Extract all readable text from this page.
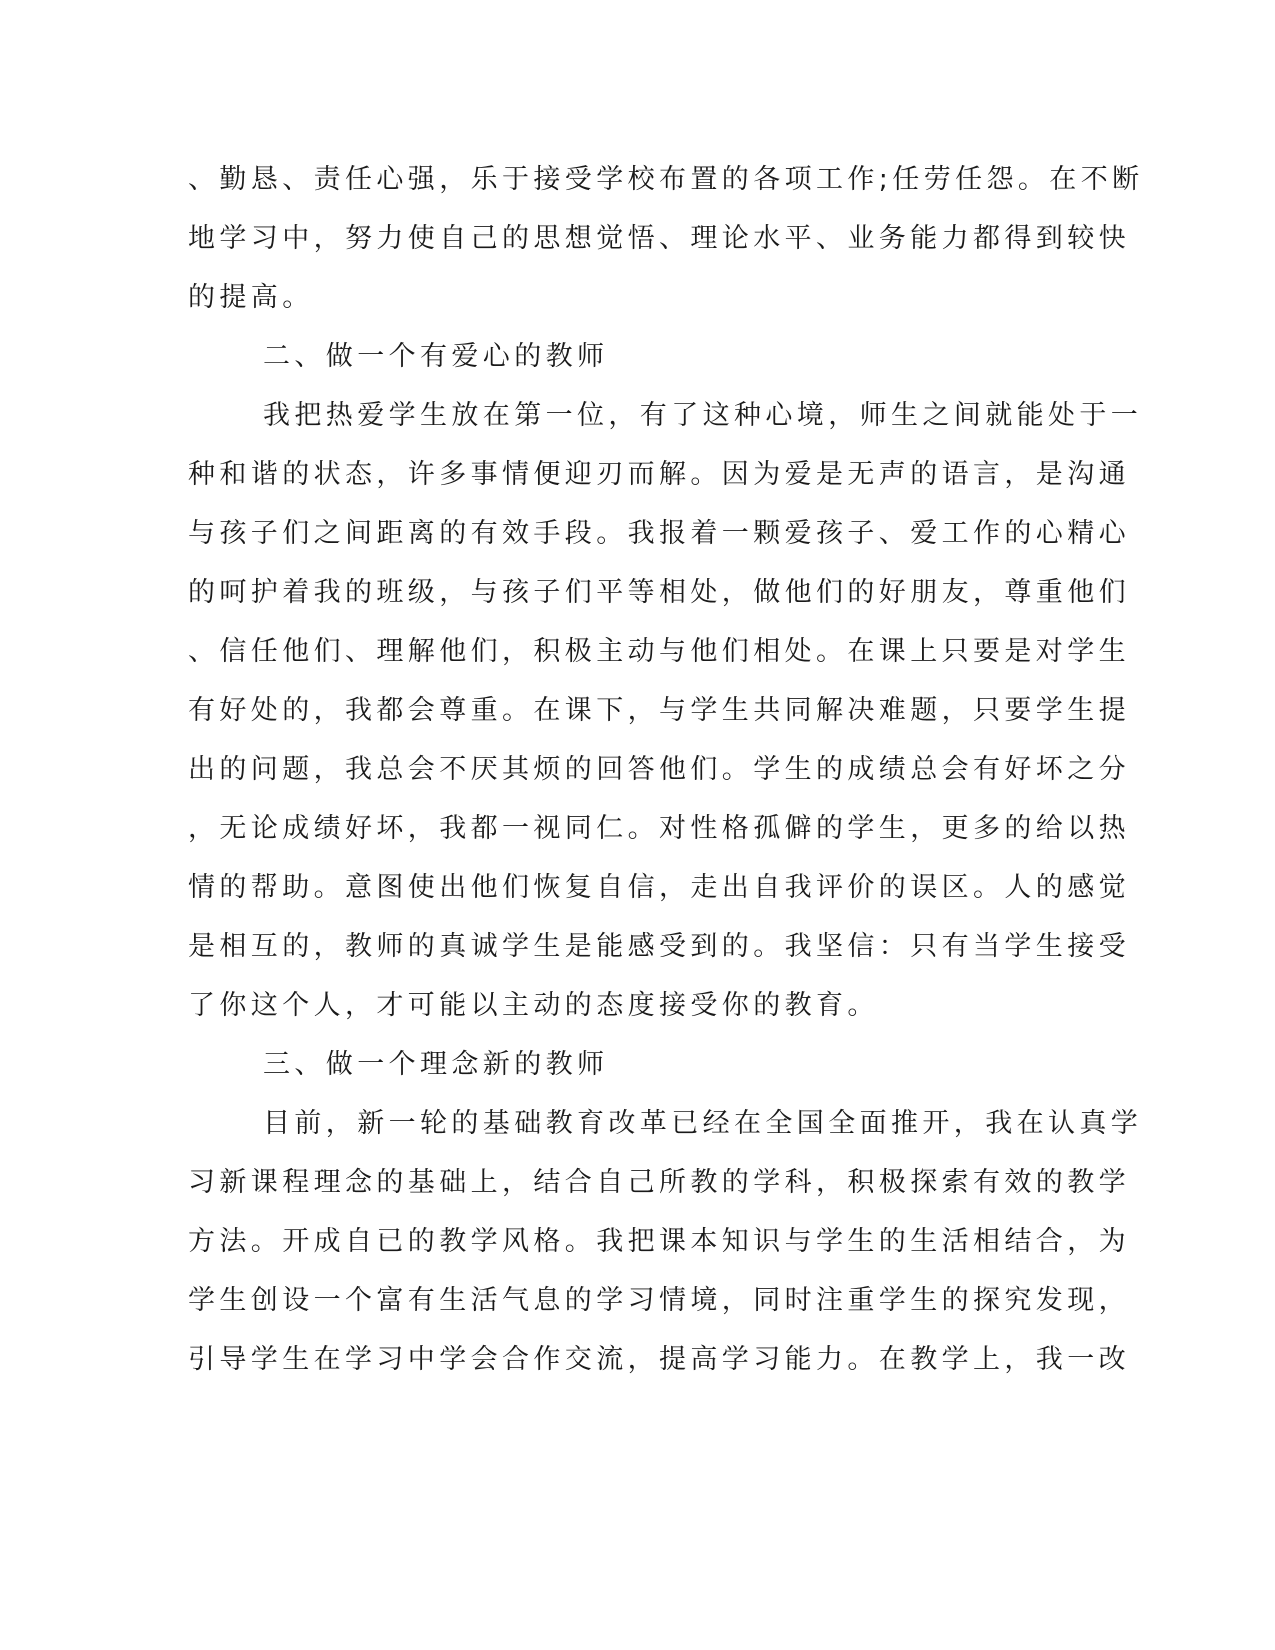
、勤恳、责任心强，乐于接受学校布置的各项工作;任劳任怨。在不断
地学习中，努力使自己的思想觉悟、理论水平、业务能力都得到较快
的提高。
二、做一个有爱心的教师
我把热爱学生放在第一位，有了这种心境，师生之间就能处于一
种和谐的状态，许多事情便迎刃而解。因为爱是无声的语言，是沟通
与孩子们之间距离的有效手段。我报着一颗爱孩子、爱工作的心精心
的呵护着我的班级，与孩子们平等相处，做他们的好朋友，尊重他们
、信任他们、理解他们，积极主动与他们相处。在课上只要是对学生
有好处的，我都会尊重。在课下，与学生共同解决难题，只要学生提
出的问题，我总会不厌其烦的回答他们。学生的成绩总会有好坏之分
，无论成绩好坏，我都一视同仁。对性格孤僻的学生，更多的给以热
情的帮助。意图使出他们恢复自信，走出自我评价的误区。人的感觉
是相互的，教师的真诚学生是能感受到的。我坚信：只有当学生接受
了你这个人，才可能以主动的态度接受你的教育。
三、做一个理念新的教师
目前，新一轮的基础教育改革已经在全国全面推开，我在认真学
习新课程理念的基础上，结合自己所教的学科，积极探索有效的教学
方法。开成自已的教学风格。我把课本知识与学生的生活相结合，为
学生创设一个富有生活气息的学习情境，同时注重学生的探究发现，
引导学生在学习中学会合作交流，提高学习能力。在教学上，我一改
